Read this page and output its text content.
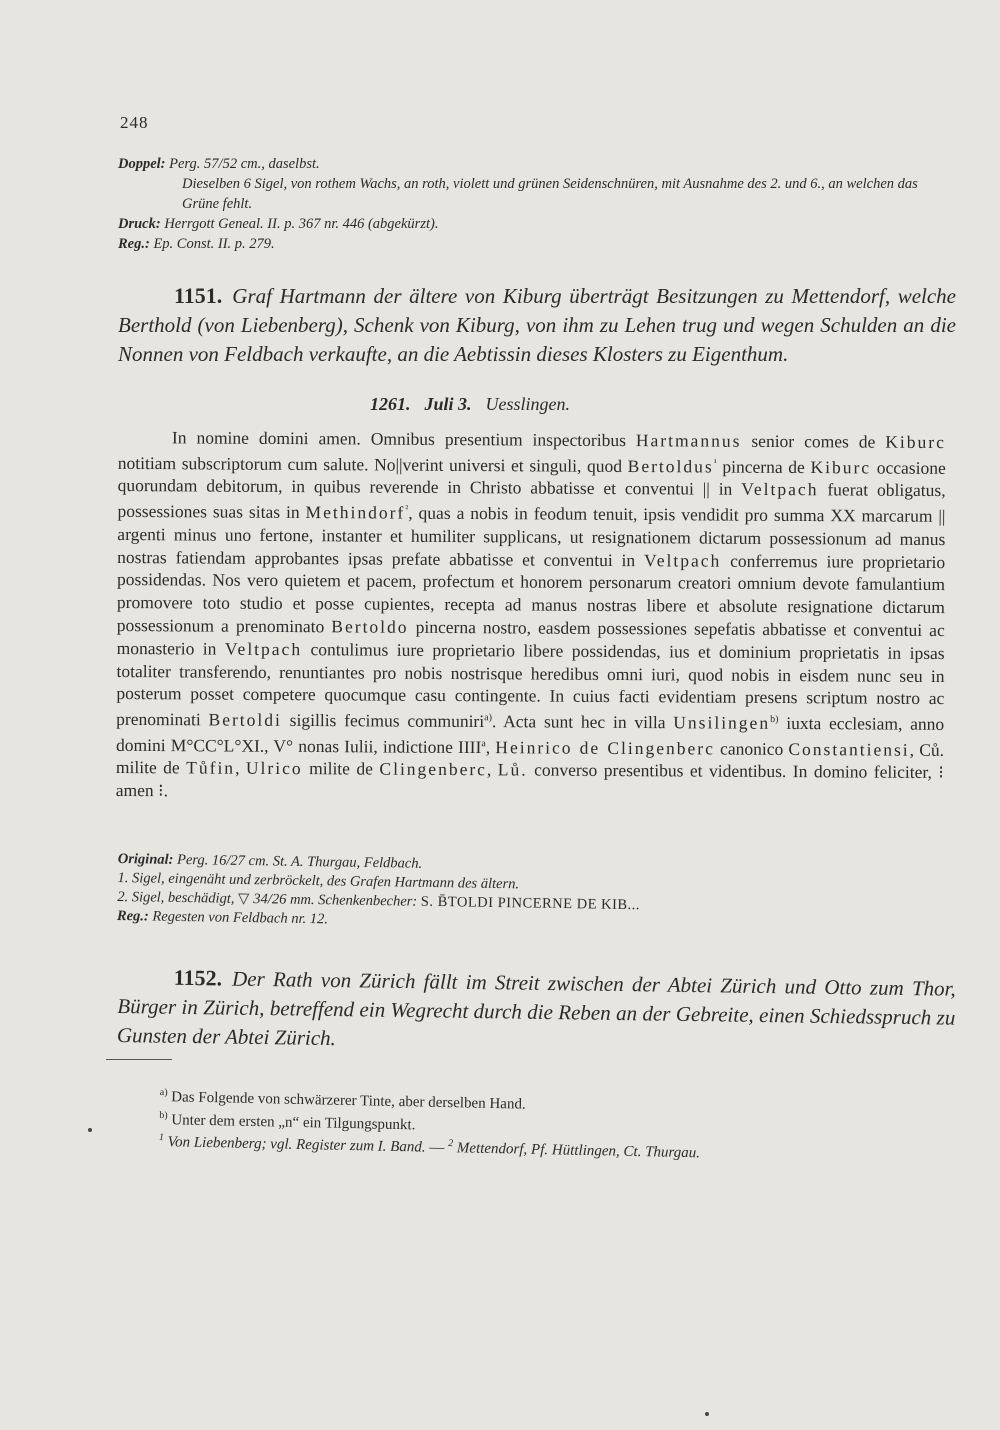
248

Doppel: Perg. 57/52 cm., daselbst.

Dieselben 6 Sigel, von rothem Wachs, an roth, violett und grünen Seidenschnüren, mit Ausnahme des 2. und 6., an welchen das Grüne fehlt.

Druck: Herrgott Geneal. II. p. 367 nr. 446 (abgekürzt).

Reg.: Ep. Const. II. p. 279.

1151. Graf Hartmann der ältere von Kiburg überträgt Besitzungen zu Mettendorf, welche Berthold (von Liebenberg), Schenk von Kiburg, von ihm zu Lehen trug und wegen Schulden an die Nonnen von Feldbach verkaufte, an die Aebtissin dieses Klosters zu Eigenthum.
1261. Juli 3. Uesslingen.

In nomine domini amen. Omnibus presentium inspectoribus Hartmannus senior comes de Kiburc notitiam subscriptorum cum salute. No||verint universi et singuli, quod Bertoldus$^{^1}$ pincerna de Kiburc occasione quorundam debitorum, in quibus reverende in Christo abbatisse et conventui || in Veltpach fuerat obligatus, possessiones suas sitas in Methindorf$^{^2}$, quas a nobis in feodum tenuit, ipsis vendidit pro summa XX marcarum || argenti minus uno fertone, instanter et humiliter supplicans, ut resignationem dictarum possessionum ad manus nostras fatiendam approbantes ipsas prefate abbatisse et conventui in Veltpach conferremus iure proprietario possidendas. Nos vero quietem et pacem, profectum et honorem personarum creatori omnium devote famulantium promovere toto studio et posse cupientes, recepta ad manus nostras libere et absolute resignatione dictarum possessionum a prenominato Bertoldo pincerna nostro, easdem possessiones sepefatis abbatisse et conventui ac monasterio in Veltpach contulimus iure proprietario libere possidendas, ius et dominium proprietatis in ipsas totaliter transferendo, renuntiantes pro nobis nostrisque heredibus omni iuri, quod nobis in eisdem nunc seu in posterum posset competere quocumque casu contingente. In cuius facti evidentiam presens scriptum nostro ac prenominati Bertoldi sigillis fecimus communiri$^{a)}$. Acta sunt hec in villa Unsilingen$^{b)}$ iuxta ecclesiam, anno domini M°CC°L°XI., V° nonas Iulii, indictione IIII$^a$, Heinrico de Clingenberc canonico Constantiensi, Ců. milite de Tůfin, Ulrico milite de Clingenberc, Lů. converso presentibus et videntibus. In domino feliciter, ⁝ amen ⁝.

Original: Perg. 16/27 cm. St. A. Thurgau, Feldbach.

1. Sigel, eingenäht und zerbröckelt, des Grafen Hartmann des ältern.

2. Sigel, beschädigt, ▽ 34/26 mm. Schenkenbecher: S. B̄TOLDI PINCERNE DE KIB...

Reg.: Regesten von Feldbach nr. 12.

1152. Der Rath von Zürich fällt im Streit zwischen der Abtei Zürich und Otto zum Thor, Bürger in Zürich, betreffend ein Wegrecht durch die Reben an der Gebreite, einen Schiedsspruch zu Gunsten der Abtei Zürich.

$^{a)}$ Das Folgende von schwärzerer Tinte, aber derselben Hand.

$^{b)}$ Unter dem ersten „n“ ein Tilgungspunkt.

$^1$ Von Liebenberg; vgl. Register zum I. Band. — $^2$ Mettendorf, Pf. Hüttlingen, Ct. Thurgau.
